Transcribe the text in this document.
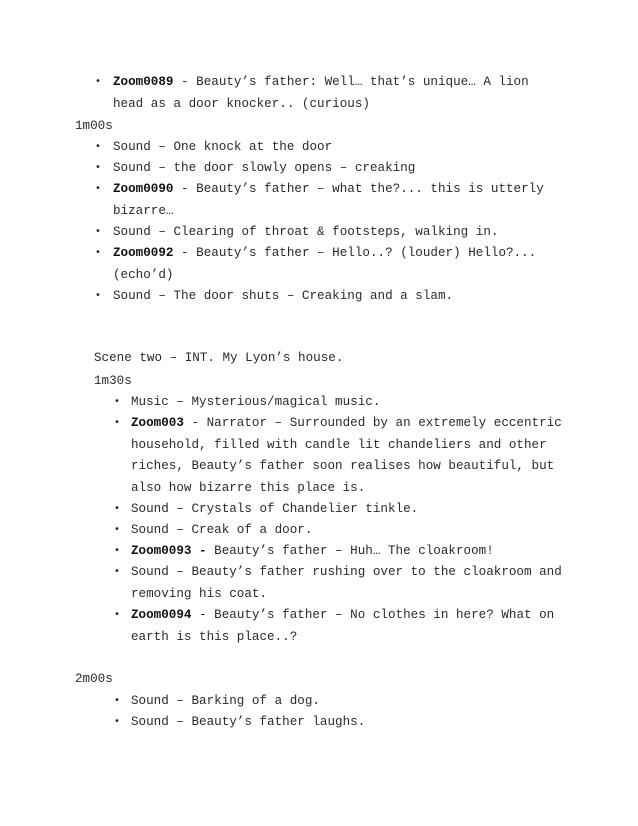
• Zoom0089 - Beauty’s father: Well… that’s unique… A lion
head as a door knocker.. (curious)
1m00s
• Sound – One knock at the door
• Sound – the door slowly opens – creaking
• Zoom0090 - Beauty’s father – what the?... this is utterly
bizarre…
• Sound – Clearing of throat & footsteps, walking in.
• Zoom0092 - Beauty’s father – Hello..? (louder) Hello?...
(echo’d)
• Sound – The door shuts – Creaking and a slam.
Scene two – INT. My Lyon’s house.
1m30s
• Music – Mysterious/magical music.
• Zoom003 - Narrator – Surrounded by an extremely eccentric
household, filled with candle lit chandeliers and other
riches, Beauty’s father soon realises how beautiful, but
also how bizarre this place is.
• Sound – Crystals of Chandelier tinkle.
• Sound – Creak of a door.
• Zoom0093 - Beauty’s father – Huh… The cloakroom!
• Sound – Beauty’s father rushing over to the cloakroom and
removing his coat.
• Zoom0094 - Beauty’s father – No clothes in here? What on
earth is this place..?
2m00s
• Sound – Barking of a dog.
• Sound – Beauty’s father laughs.
